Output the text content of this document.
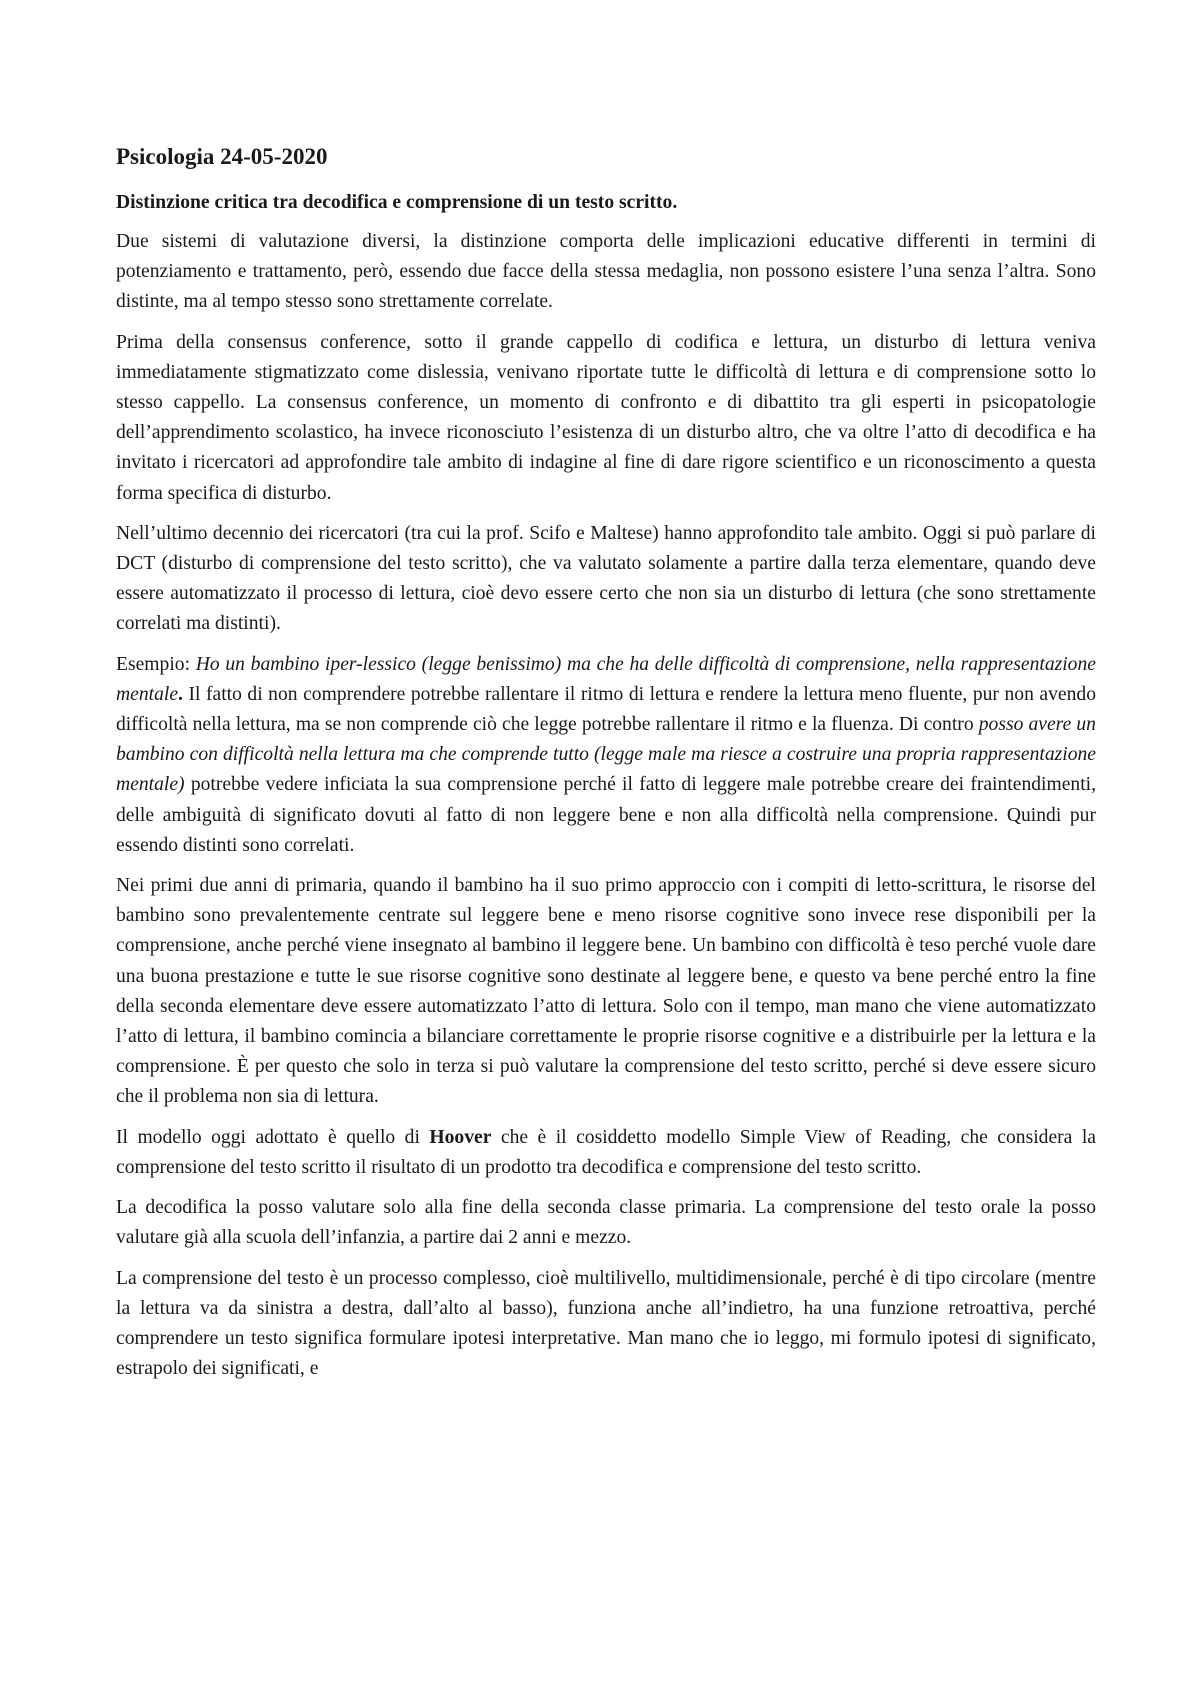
Psicologia 24-05-2020
Distinzione critica tra decodifica e comprensione di un testo scritto.

Due sistemi di valutazione diversi, la distinzione comporta delle implicazioni educative differenti in termini di potenziamento e trattamento, però, essendo due facce della stessa medaglia, non possono esistere l’una senza l’altra. Sono distinte, ma al tempo stesso sono strettamente correlate.

Prima della consensus conference, sotto il grande cappello di codifica e lettura, un disturbo di lettura veniva immediatamente stigmatizzato come dislessia, venivano riportate tutte le difficoltà di lettura e di comprensione sotto lo stesso cappello. La consensus conference, un momento di confronto e di dibattito tra gli esperti in psicopatologie dell’apprendimento scolastico, ha invece riconosciuto l’esistenza di un disturbo altro, che va oltre l’atto di decodifica e ha invitato i ricercatori ad approfondire tale ambito di indagine al fine di dare rigore scientifico e un riconoscimento a questa forma specifica di disturbo.

Nell’ultimo decennio dei ricercatori (tra cui la prof. Scifo e Maltese) hanno approfondito tale ambito. Oggi si può parlare di DCT (disturbo di comprensione del testo scritto), che va valutato solamente a partire dalla terza elementare, quando deve essere automatizzato il processo di lettura, cioè devo essere certo che non sia un disturbo di lettura (che sono strettamente correlati ma distinti).

Esempio: Ho un bambino iper-lessico (legge benissimo) ma che ha delle difficoltà di comprensione, nella rappresentazione mentale. Il fatto di non comprendere potrebbe rallentare il ritmo di lettura e rendere la lettura meno fluente, pur non avendo difficoltà nella lettura, ma se non comprende ciò che legge potrebbe rallentare il ritmo e la fluenza. Di contro posso avere un bambino con difficoltà nella lettura ma che comprende tutto (legge male ma riesce a costruire una propria rappresentazione mentale) potrebbe vedere inficiata la sua comprensione perché il fatto di leggere male potrebbe creare dei fraintendimenti, delle ambiguità di significato dovuti al fatto di non leggere bene e non alla difficoltà nella comprensione. Quindi pur essendo distinti sono correlati.

Nei primi due anni di primaria, quando il bambino ha il suo primo approccio con i compiti di letto-scrittura, le risorse del bambino sono prevalentemente centrate sul leggere bene e meno risorse cognitive sono invece rese disponibili per la comprensione, anche perché viene insegnato al bambino il leggere bene. Un bambino con difficoltà è teso perché vuole dare una buona prestazione e tutte le sue risorse cognitive sono destinate al leggere bene, e questo va bene perché entro la fine della seconda elementare deve essere automatizzato l’atto di lettura. Solo con il tempo, man mano che viene automatizzato l’atto di lettura, il bambino comincia a bilanciare correttamente le proprie risorse cognitive e a distribuirle per la lettura e la comprensione. È per questo che solo in terza si può valutare la comprensione del testo scritto, perché si deve essere sicuro che il problema non sia di lettura.

Il modello oggi adottato è quello di Hoover che è il cosiddetto modello Simple View of Reading, che considera la comprensione del testo scritto il risultato di un prodotto tra decodifica e comprensione del testo scritto.

La decodifica la posso valutare solo alla fine della seconda classe primaria. La comprensione del testo orale la posso valutare già alla scuola dell’infanzia, a partire dai 2 anni e mezzo.

La comprensione del testo è un processo complesso, cioè multilivello, multidimensionale, perché è di tipo circolare (mentre la lettura va da sinistra a destra, dall’alto al basso), funziona anche all’indietro, ha una funzione retroattiva, perché comprendere un testo significa formulare ipotesi interpretative. Man mano che io leggo, mi formulo ipotesi di significato, estrapolo dei significati, e
